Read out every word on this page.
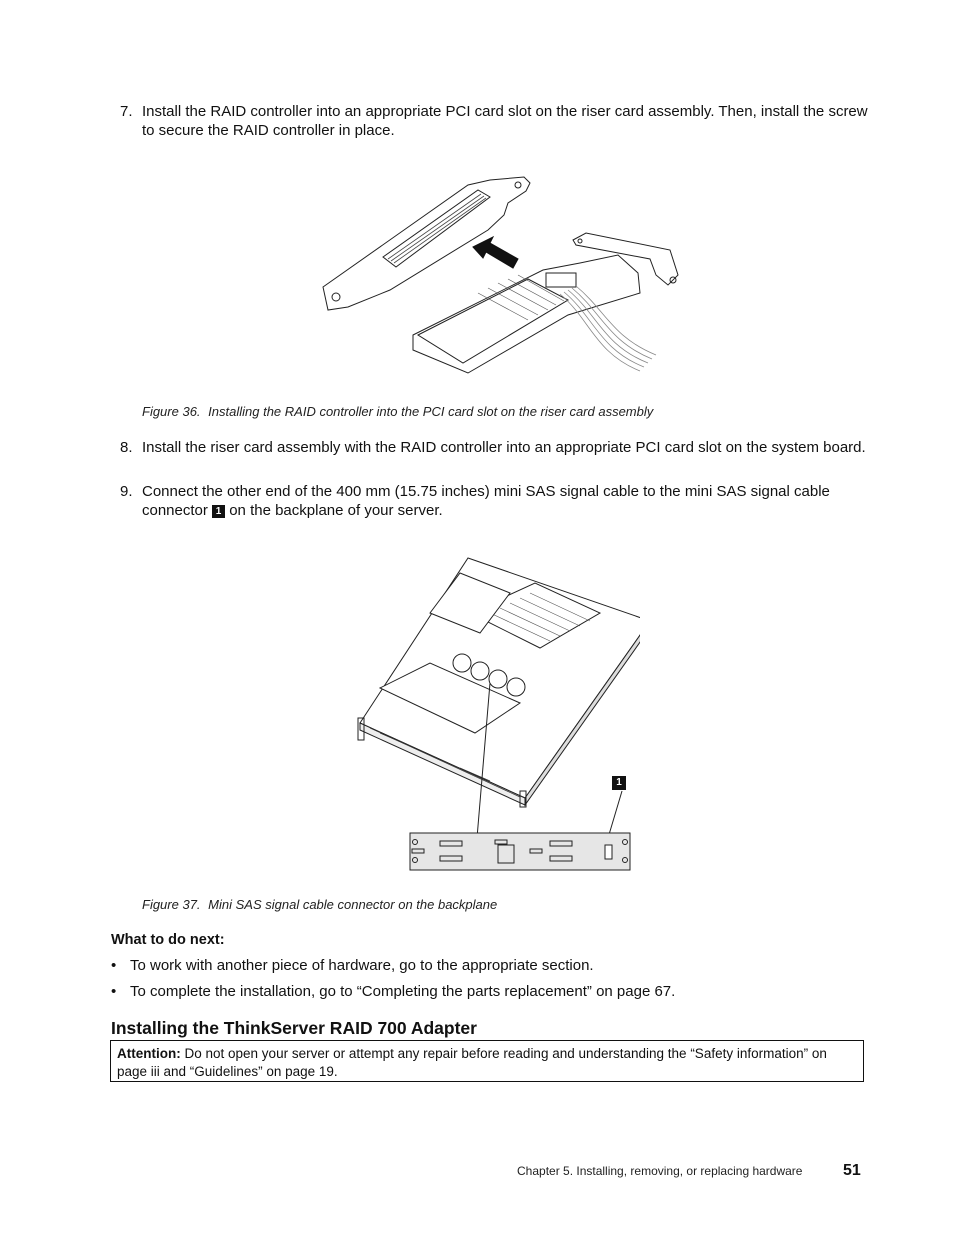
7. Install the RAID controller into an appropriate PCI card slot on the riser card assembly. Then, install the screw to secure the RAID controller in place.
Figure 36. Installing the RAID controller into the PCI card slot on the riser card assembly
8. Install the riser card assembly with the RAID controller into an appropriate PCI card slot on the system board.
9. Connect the other end of the 400 mm (15.75 inches) mini SAS signal cable to the mini SAS signal cable connector 1 on the backplane of your server.
1
Figure 37. Mini SAS signal cable connector on the backplane
What to do next:
• To work with another piece of hardware, go to the appropriate section.
• To complete the installation, go to “Completing the parts replacement” on page 67.
Installing the ThinkServer RAID 700 Adapter
Attention: Do not open your server or attempt any repair before reading and understanding the “Safety information” on page iii and “Guidelines” on page 19.
Chapter 5. Installing, removing, or replacing hardware	51
